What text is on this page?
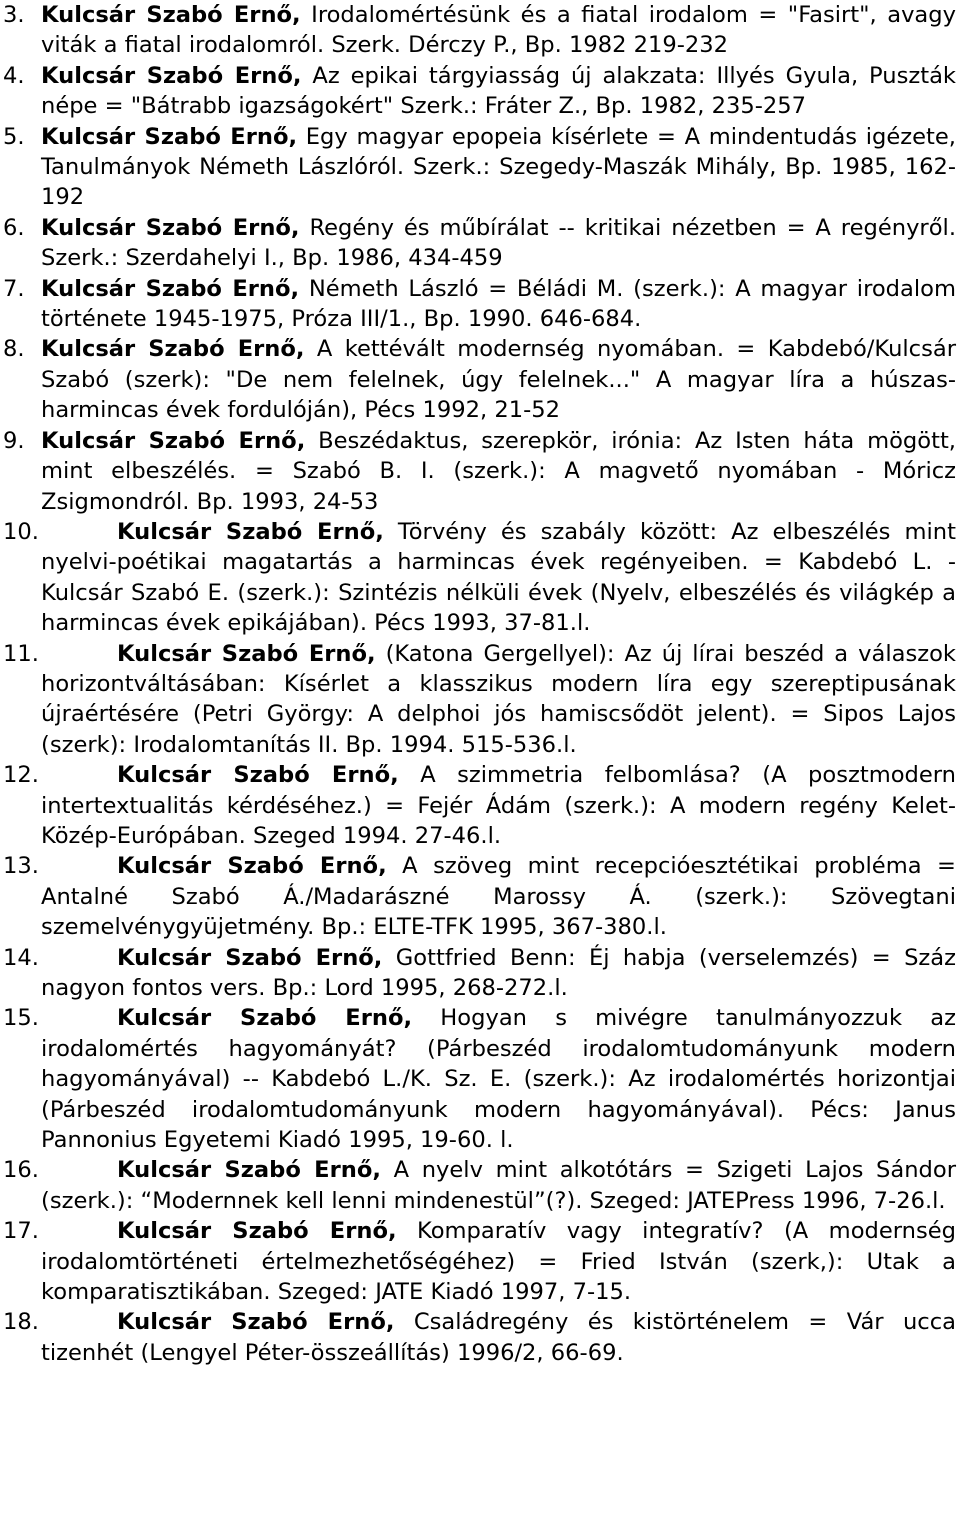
3. Kulcsár Szabó Ernő, Irodalomértésünk és a fiatal irodalom = "Fasirt", avagy viták a fiatal irodalomról. Szerk. Dérczy P., Bp. 1982 219-232

4. Kulcsár Szabó Ernő, Az epikai tárgyiasság új alakzata: Illyés Gyula, Puszták népe = "Bátrabb igazságokért" Szerk.: Fráter Z., Bp. 1982, 235-257

5. Kulcsár Szabó Ernő, Egy magyar epopeia kísérlete = A mindentudás igézete, Tanulmányok Németh Lászlóról. Szerk.: Szegedy-Maszák Mihály, Bp. 1985, 162-192

6. Kulcsár Szabó Ernő, Regény és műbírálat -- kritikai nézetben = A regényről. Szerk.: Szerdahelyi I., Bp. 1986, 434-459

7. Kulcsár Szabó Ernő, Németh László = Béládi M. (szerk.): A magyar irodalom története 1945-1975, Próza III/1., Bp. 1990. 646-684.

8. Kulcsár Szabó Ernő, A kettévált modernség nyomában. = Kabdebó/Kulcsár Szabó (szerk): "De nem felelnek, úgy felelnek..." A magyar líra a húszas-harmincas évek fordulóján), Pécs 1992, 21-52

9. Kulcsár Szabó Ernő, Beszédaktus, szerepkör, irónia: Az Isten háta mögött, mint elbeszélés. = Szabó B. I. (szerk.): A magvető nyomában - Móricz Zsigmondról. Bp. 1993, 24-53

10.	Kulcsár Szabó Ernő, Törvény és szabály között: Az elbeszélés mint nyelvi-poétikai magatartás a harmincas évek regényeiben. = Kabdebó L. - Kulcsár Szabó E. (szerk.): Szintézis nélküli évek (Nyelv, elbeszélés és világkép a harmincas évek epikájában). Pécs 1993, 37-81.l.

11.	Kulcsár Szabó Ernő, (Katona Gergellyel): Az új lírai beszéd a válaszok horizontváltásában: Kísérlet a klasszikus modern líra egy szereptipusának újraértésére (Petri György: A delphoi jós hamiscsődöt jelent). = Sipos Lajos (szerk): Irodalomtanítás II. Bp. 1994. 515-536.l.

12.	Kulcsár Szabó Ernő, A szimmetria felbomlása? (A posztmodern intertextualitás kérdéséhez.) = Fejér Ádám (szerk.): A modern regény Kelet-Közép-Európában. Szeged 1994. 27-46.l.

13.	Kulcsár Szabó Ernő, A szöveg mint recepcióesztétikai probléma = Antalné Szabó Á./Madarászné Marossy Á. (szerk.): Szövegtani szemelvénygyüjetmény. Bp.: ELTE-TFK 1995, 367-380.l.

14.	Kulcsár Szabó Ernő, Gottfried Benn: Éj habja (verselemzés) = Száz nagyon fontos vers. Bp.: Lord 1995, 268-272.l.

15.	Kulcsár Szabó Ernő, Hogyan s mivégre tanulmányozzuk az irodalomértés hagyományát? (Párbeszéd irodalomtudományunk modern hagyományával) -- Kabdebó L./K. Sz. E. (szerk.): Az irodalomértés horizontjai (Párbeszéd irodalomtudományunk modern hagyományával). Pécs: Janus Pannonius Egyetemi Kiadó 1995, 19-60. l.

16.	Kulcsár Szabó Ernő, A nyelv mint alkotótárs = Szigeti Lajos Sándor (szerk.): “Modernnek kell lenni mindenestül”(?). Szeged: JATEPress 1996, 7-26.l.

17.	Kulcsár Szabó Ernő, Komparatív vagy integratív? (A modernség irodalomtörténeti értelmezhetőségéhez) = Fried István (szerk,): Utak a komparatisztikában. Szeged: JATE Kiadó 1997, 7-15.

18.	Kulcsár Szabó Ernő, Családregény és kistörténelem = Vár ucca tizenhét (Lengyel Péter-összeállítás) 1996/2, 66-69.
